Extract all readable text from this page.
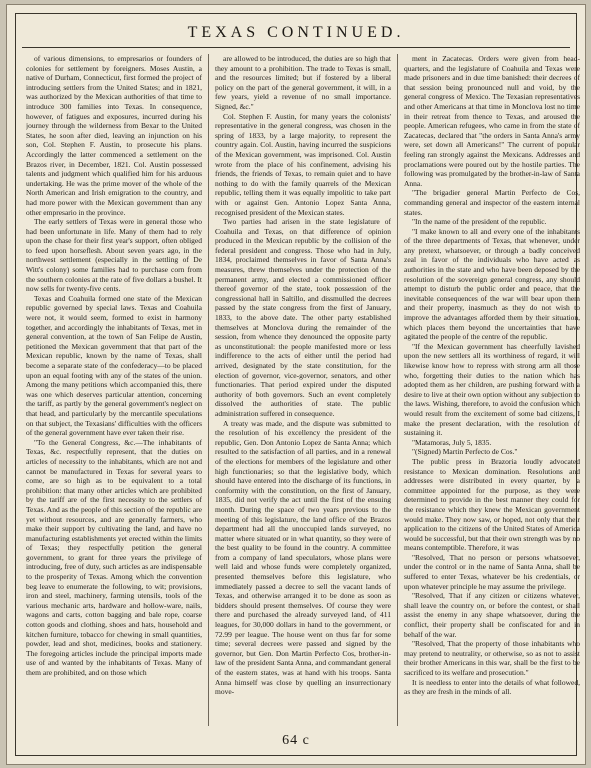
TEXAS CONTINUED.

of various dimensions, to empresarios or founders of colonies for settlement by foreigners. Moses Austin, a native of Durham, Connecticut, first formed the project of introducing settlers from the United States; and in 1821, was authorized by the Mexican authorities of that time to introduce 300 families into Texas. In consequence, however, of fatigues and exposures, incurred during his journey through the wilderness from Bexar to the United States, he soon after died, leaving an injunction on his son, Col. Stephen F. Austin, to prosecute his plans. Accordingly the latter commenced a settlement on the Brazos river, in December, 1821. Col. Austin possessed talents and judgment which qualified him for his arduous undertaking. He was the prime mover of the whole of the North American and Irish emigration to the country, and had more power with the Mexican government than any other empresario in the province.

The early settlers of Texas were in general those who had been unfortunate in life. Many of them had to rely upon the chase for their first year's support, often obliged to feed upon horseflesh. About seven years ago, in the northwest settlement (especially in the settling of De Witt's colony) some families had to purchase corn from the southern colonies at the rate of five dollars a bushel. It now sells for twenty-five cents.

Texas and Coahuila formed one state of the Mexican republic governed by special laws. Texas and Coahuila were not, it would seem, formed to exist in harmony together, and accordingly the inhabitants of Texas, met in general convention, at the town of San Felipe de Austin, petitioned the Mexican government that that part of the Mexican republic, known by the name of Texas, shall become a separate state of the confederacy—to be placed upon an equal footing with any of the states of the union. Among the many petitions which accompanied this, there was one which deserves particular attention, concerning the tariff, as partly by the general government's neglect on that head, and particularly by the mercantile speculations on that subject, the Texasians' difficulties with the officers of the general government have ever taken their rise.

"To the General Congress, &c.—The inhabitants of Texas, &c. respectfully represent, that the duties on articles of necessity to the inhabitants, which are not and cannot be manufactured in Texas for several years to come, are so high as to be equivalent to a total prohibition: that many other articles which are prohibited by the tariff are of the first necessity to the settlers of Texas. And as the people of this section of the republic are yet without resources, and are generally farmers, who make their support by cultivating the land, and have no manufacturing establishments yet erected within the limits of Texas; they respectfully petition the general government, to grant for three years the privilege of introducing, free of duty, such articles as are indispensable to the prosperity of Texas. Among which the convention beg leave to enumerate the following, to wit; provisions, iron and steel, machinery, farming utensils, tools of the various mechanic arts, hardware and hollow-ware, nails, wagons and carts, cotton bagging and bale rope, coarse cotton goods and clothing, shoes and hats, household and kitchen furniture, tobacco for chewing in small quantities, powder, lead and shot, medicines, books and stationery. The foregoing articles include the principal imports made use of and wanted by the inhabitants of Texas. Many of them are prohibited, and on those which

are allowed to be introduced, the duties are so high that they amount to a prohibition. The trade to Texas is small, and the resources limited; but if fostered by a liberal policy on the part of the general government, it will, in a few years, yield a revenue of no small importance. Signed, &c."

Col. Stephen F. Austin, for many years the colonists' representative in the general congress, was chosen in the spring of 1833, by a large majority, to represent the country again. Col. Austin, having incurred the suspicions of the Mexican government, was imprisoned. Col. Austin wrote from the place of his confinement, advising his friends, the friends of Texas, to remain quiet and to have nothing to do with the family quarrels of the Mexican republic, telling them it was equally impolitic to take part with or against Gen. Antonio Lopez Santa Anna, recognised president of the Mexican states.

Two parties had arisen in the state legislature of Coahuila and Texas, on that difference of opinion produced in the Mexican republic by the collision of the federal president and congress. Those who had in July, 1834, proclaimed themselves in favor of Santa Anna's measures, threw themselves under the protection of the permanent army, and elected a commissioned officer thereof governor of the state, took possession of the congressional hall in Saltillo, and dissmulled the decrees passed by the state congress from the first of January, 1833, to the above date. The other party established themselves at Monclova during the remainder of the session, from whence they denounced the opposite party as unconstitutional: the people manifested more or less indifference to the acts of either until the period had arrived, designated by the state constitution, for the election of governor, vice-governor, senators, and other functionaries. That period expired under the disputed authority of both governors. Such an event completely dissolved the authorities of state. The public administration suffered in consequence.

A treaty was made, and the dispute was submitted to the resolution of his excellency the president of the republic, Gen. Don Antonio Lopez de Santa Anna; which resulted to the satisfaction of all parties, and in a renewal of the elections for members of the legislature and other high functionaries; so that the legislative body, which should have entered into the discharge of its functions, in conformity with the constitution, on the first of January, 1835, did not verify the act until the first of the ensuing month. During the space of two years previous to the meeting of this legislature, the land office of the Brazos department had all the unoccupied lands surveyed, no matter where situated or in what quantity, so they were of the best quality to be found in the country. A committee from a company of land speculators, whose plans were well laid and whose funds were completely organized, presented themselves before this legislature, who immediately passed a decree to sell the vacant lands of Texas, and otherwise arranged it to be done as soon as bidders should present themselves. Of course they were there and purchased the already surveyed land, of 411 leagues, for 30,000 dollars in hand to the government, or 72.99 per league. The house went on thus far for some time; several decrees were passed and signed by the governor, but Gen. Don Martin Perfecto Cos, brother-in-law of the president Santa Anna, and commandant general of the eastern states, was at hand with his troops. Santa Anna himself was close by quelling an insurrectionary move-

ment in Zacatecas. Orders were given from head-quarters, and the legislature of Coahuila and Texas were made prisoners and in due time banished: their decrees of that session being pronounced null and void, by the general congress of Mexico. The Texasian representatives and other Americans at that time in Monclova lost no time in their retreat from thence to Texas, and aroused the people. American refugees, who came in from the state of Zacatecas, declared that "the orders in Santa Anna's army were, set down all Americans!" The current of popular feeling ran strongly against the Mexicans. Addresses and proclamations were poured out by the hostile parties. The following was promulgated by the brother-in-law of Santa Anna.

"The brigadier general Martin Perfecto de Cos, commanding general and inspector of the eastern internal states.

"In the name of the president of the republic.

"I make known to all and every one of the inhabitants of the three departments of Texas, that whenever, under any pretext, whatsoever, or through a badly conceived zeal in favor of the individuals who have acted as authorities in the state and who have been deposed by the resolution of the sovereign general congress, any should attempt to disturb the public order and peace, that the inevitable consequences of the war will bear upon them and their property, inasmuch as they do not wish to improve the advantages afforded them by their situation, which places them beyond the uncertainties that have agitated the people of the centre of the republic.

"If the Mexican government has cheerfully lavished upon the new settlers all its worthiness of regard, it will likewise know how to repress with strong arm all those who, forgetting their duties to the nation which has adopted them as her children, are pushing forward with a desire to live at their own option without any subjection to the laws. Wishing, therefore, to avoid the confusion which would result from the excitement of some bad citizens, I make the present declaration, with the resolution of sustaining it.

"Matamoras, July 5, 1835.

"(Signed) Martin Perfecto de Cos."

The public press in Brazoria loudly advocated resistance to Mexican domination. Resolutions and addresses were distributed in every quarter, by a committee appointed for the purpose, as they were determined to provide in the best manner they could for the resistance which they knew the Mexican government would make. They now saw, or hoped, not only that their application to the citizens of the United States of America would be successful, but that their own strength was by no means contemptible. Therefore, it was

"Resolved, That no person or persons whatsoever, under the control or in the name of Santa Anna, shall be suffered to enter Texas, whatever be his credentials, or upon whatever principle he may assume the privilege.

"Resolved, That if any citizen or citizens whatever, shall leave the country on, or before the contest, or shall assist the enemy in any shape whatsoever, during the conflict, their property shall be confiscated for and in behalf of the war.

"Resolved, That the property of those inhabitants who may pretend to neutrality, or otherwise, so as not to assist their brother Americans in this war, shall be the first to be sacrificed to its welfare and prosecution."

It is needless to enter into the details of what followed, as they are fresh in the minds of all.

64 c
